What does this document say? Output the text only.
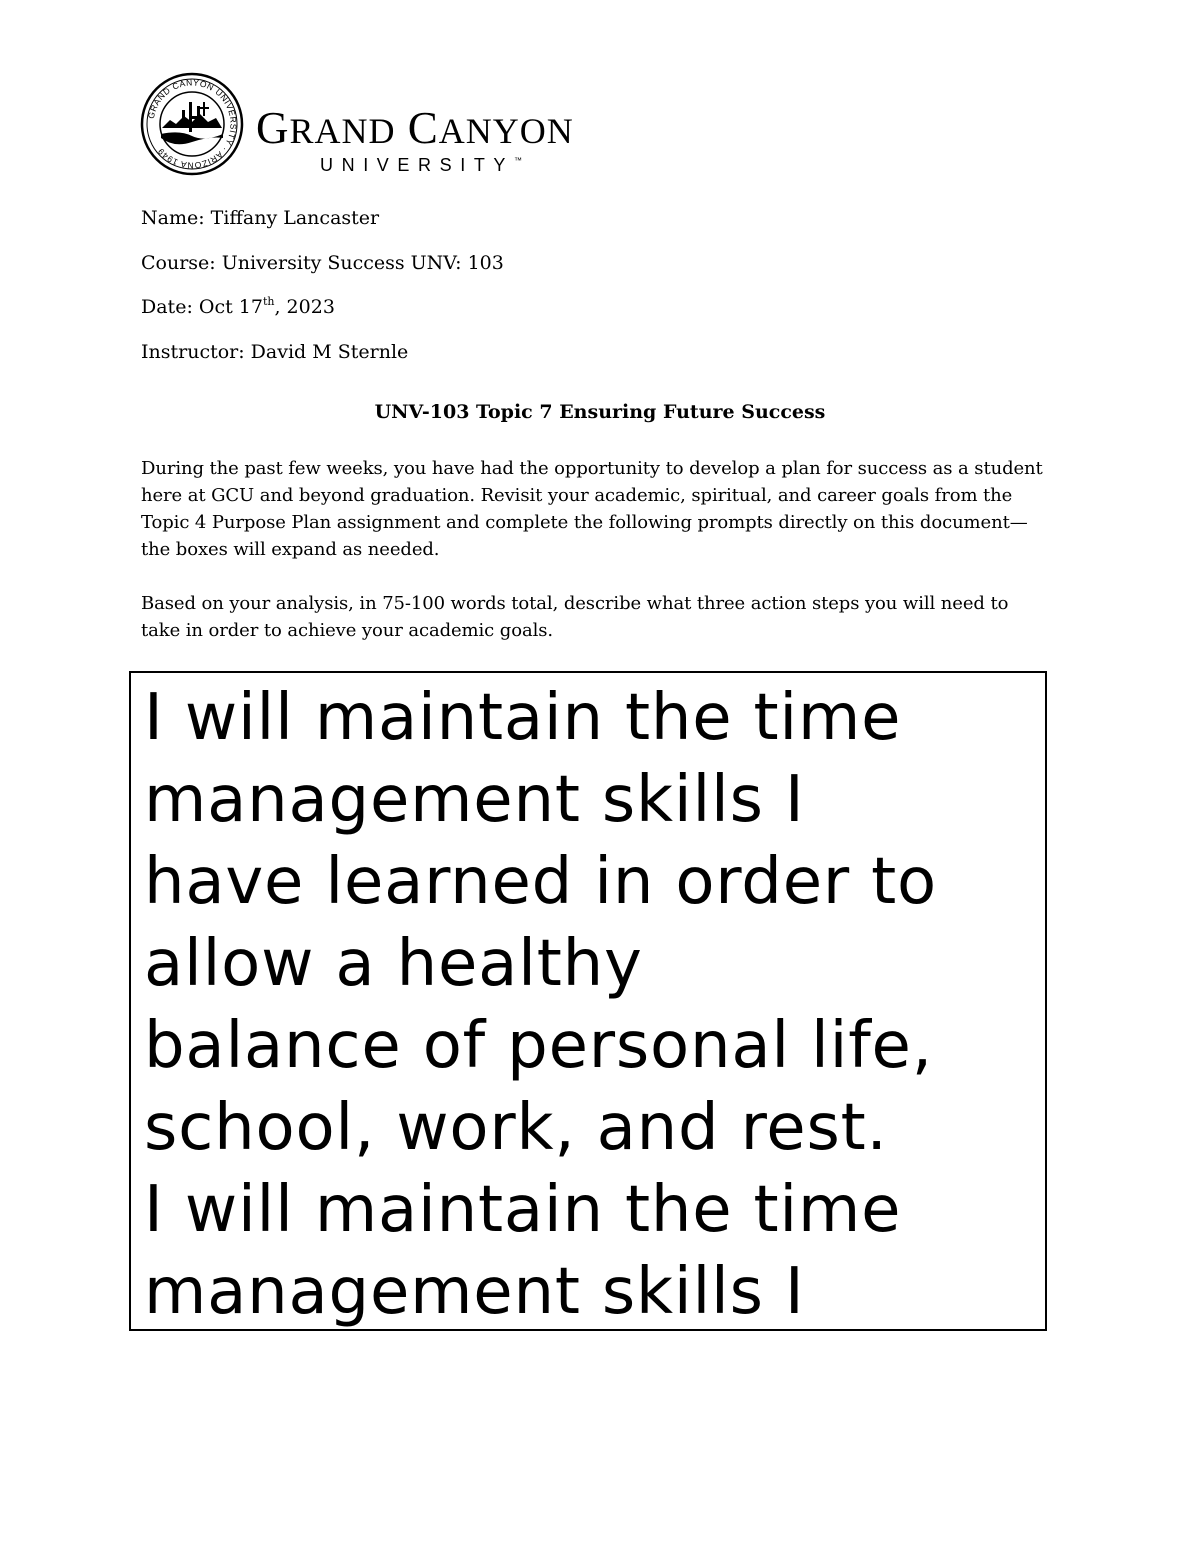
GRAND CANYON UNIVERSITY · ARIZONA 1949	GRAND CANYON
UNIVERSITY™
Name: Tiffany Lancaster
Course: University Success UNV: 103
Date: Oct 17th, 2023
Instructor: David M Sternle
UNV-103 Topic 7 Ensuring Future Success
During the past few weeks, you have had the opportunity to develop a plan for success as a student here at GCU and beyond graduation. Revisit your academic, spiritual, and career goals from the Topic 4 Purpose Plan assignment and complete the following prompts directly on this document—the boxes will expand as needed.
Based on your analysis, in 75-100 words total, describe what three action steps you will need to take in order to achieve your academic goals.

I will maintain the time
management skills I
have learned in order to
allow a healthy
balance of personal life,
school, work, and rest.
I will maintain the time
management skills I
